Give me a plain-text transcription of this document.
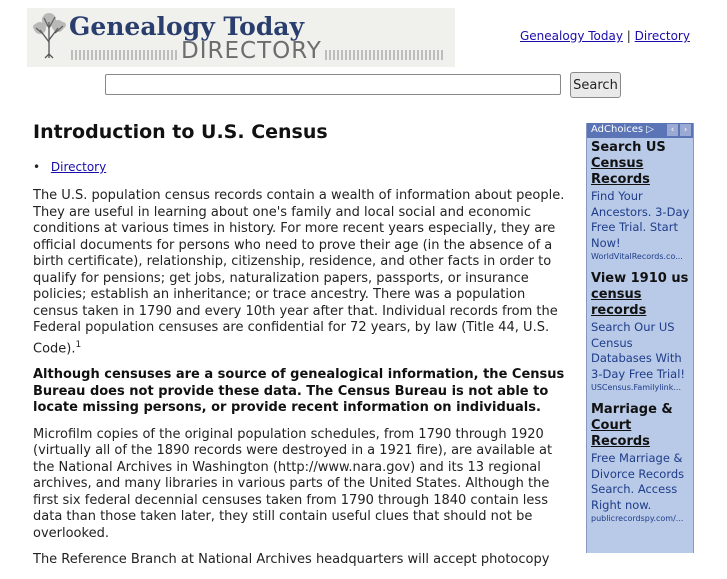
Genealogy Today
DIRECTORY
Genealogy Today | Directory
Search
Introduction to U.S. Census
• Directory

The U.S. population census records contain a wealth of information about people. They are useful in learning about one's family and local social and economic conditions at various times in history. For more recent years especially, they are official documents for persons who need to prove their age (in the absence of a birth certificate), relationship, citizenship, residence, and other facts in order to qualify for pensions; get jobs, naturalization papers, passports, or insurance policies; establish an inheritance; or trace ancestry. There was a population census taken in 1790 and every 10th year after that. Individual records from the Federal population censuses are confidential for 72 years, by law (Title 44, U.S. Code).$^1$

Although censuses are a source of genealogical information, the Census Bureau does not provide these data. The Census Bureau is not able to locate missing persons, or provide recent information on individuals.

Microfilm copies of the original population schedules, from 1790 through 1920 (virtually all of the 1890 records were destroyed in a 1921 fire), are available at the National Archives in Washington (http://www.nara.gov) and its 13 regional archives, and many libraries in various parts of the United States. Although the first six federal decennial censuses taken from 1790 through 1840 contain less data than those taken later, they still contain useful clues that should not be overlooked.

The Reference Branch at National Archives headquarters will accept photocopy

AdChoices ▷	‹	›
Search US Census Records
Find Your Ancestors. 3-Day Free Trial. Start Now!
WorldVitalRecords.co...
View 1910 us census records
Search Our US Census Databases With 3-Day Free Trial!
USCensus.Familylink...
Marriage & Court Records
Free Marriage & Divorce Records Search. Access Right now.
publicrecordspy.com/...
